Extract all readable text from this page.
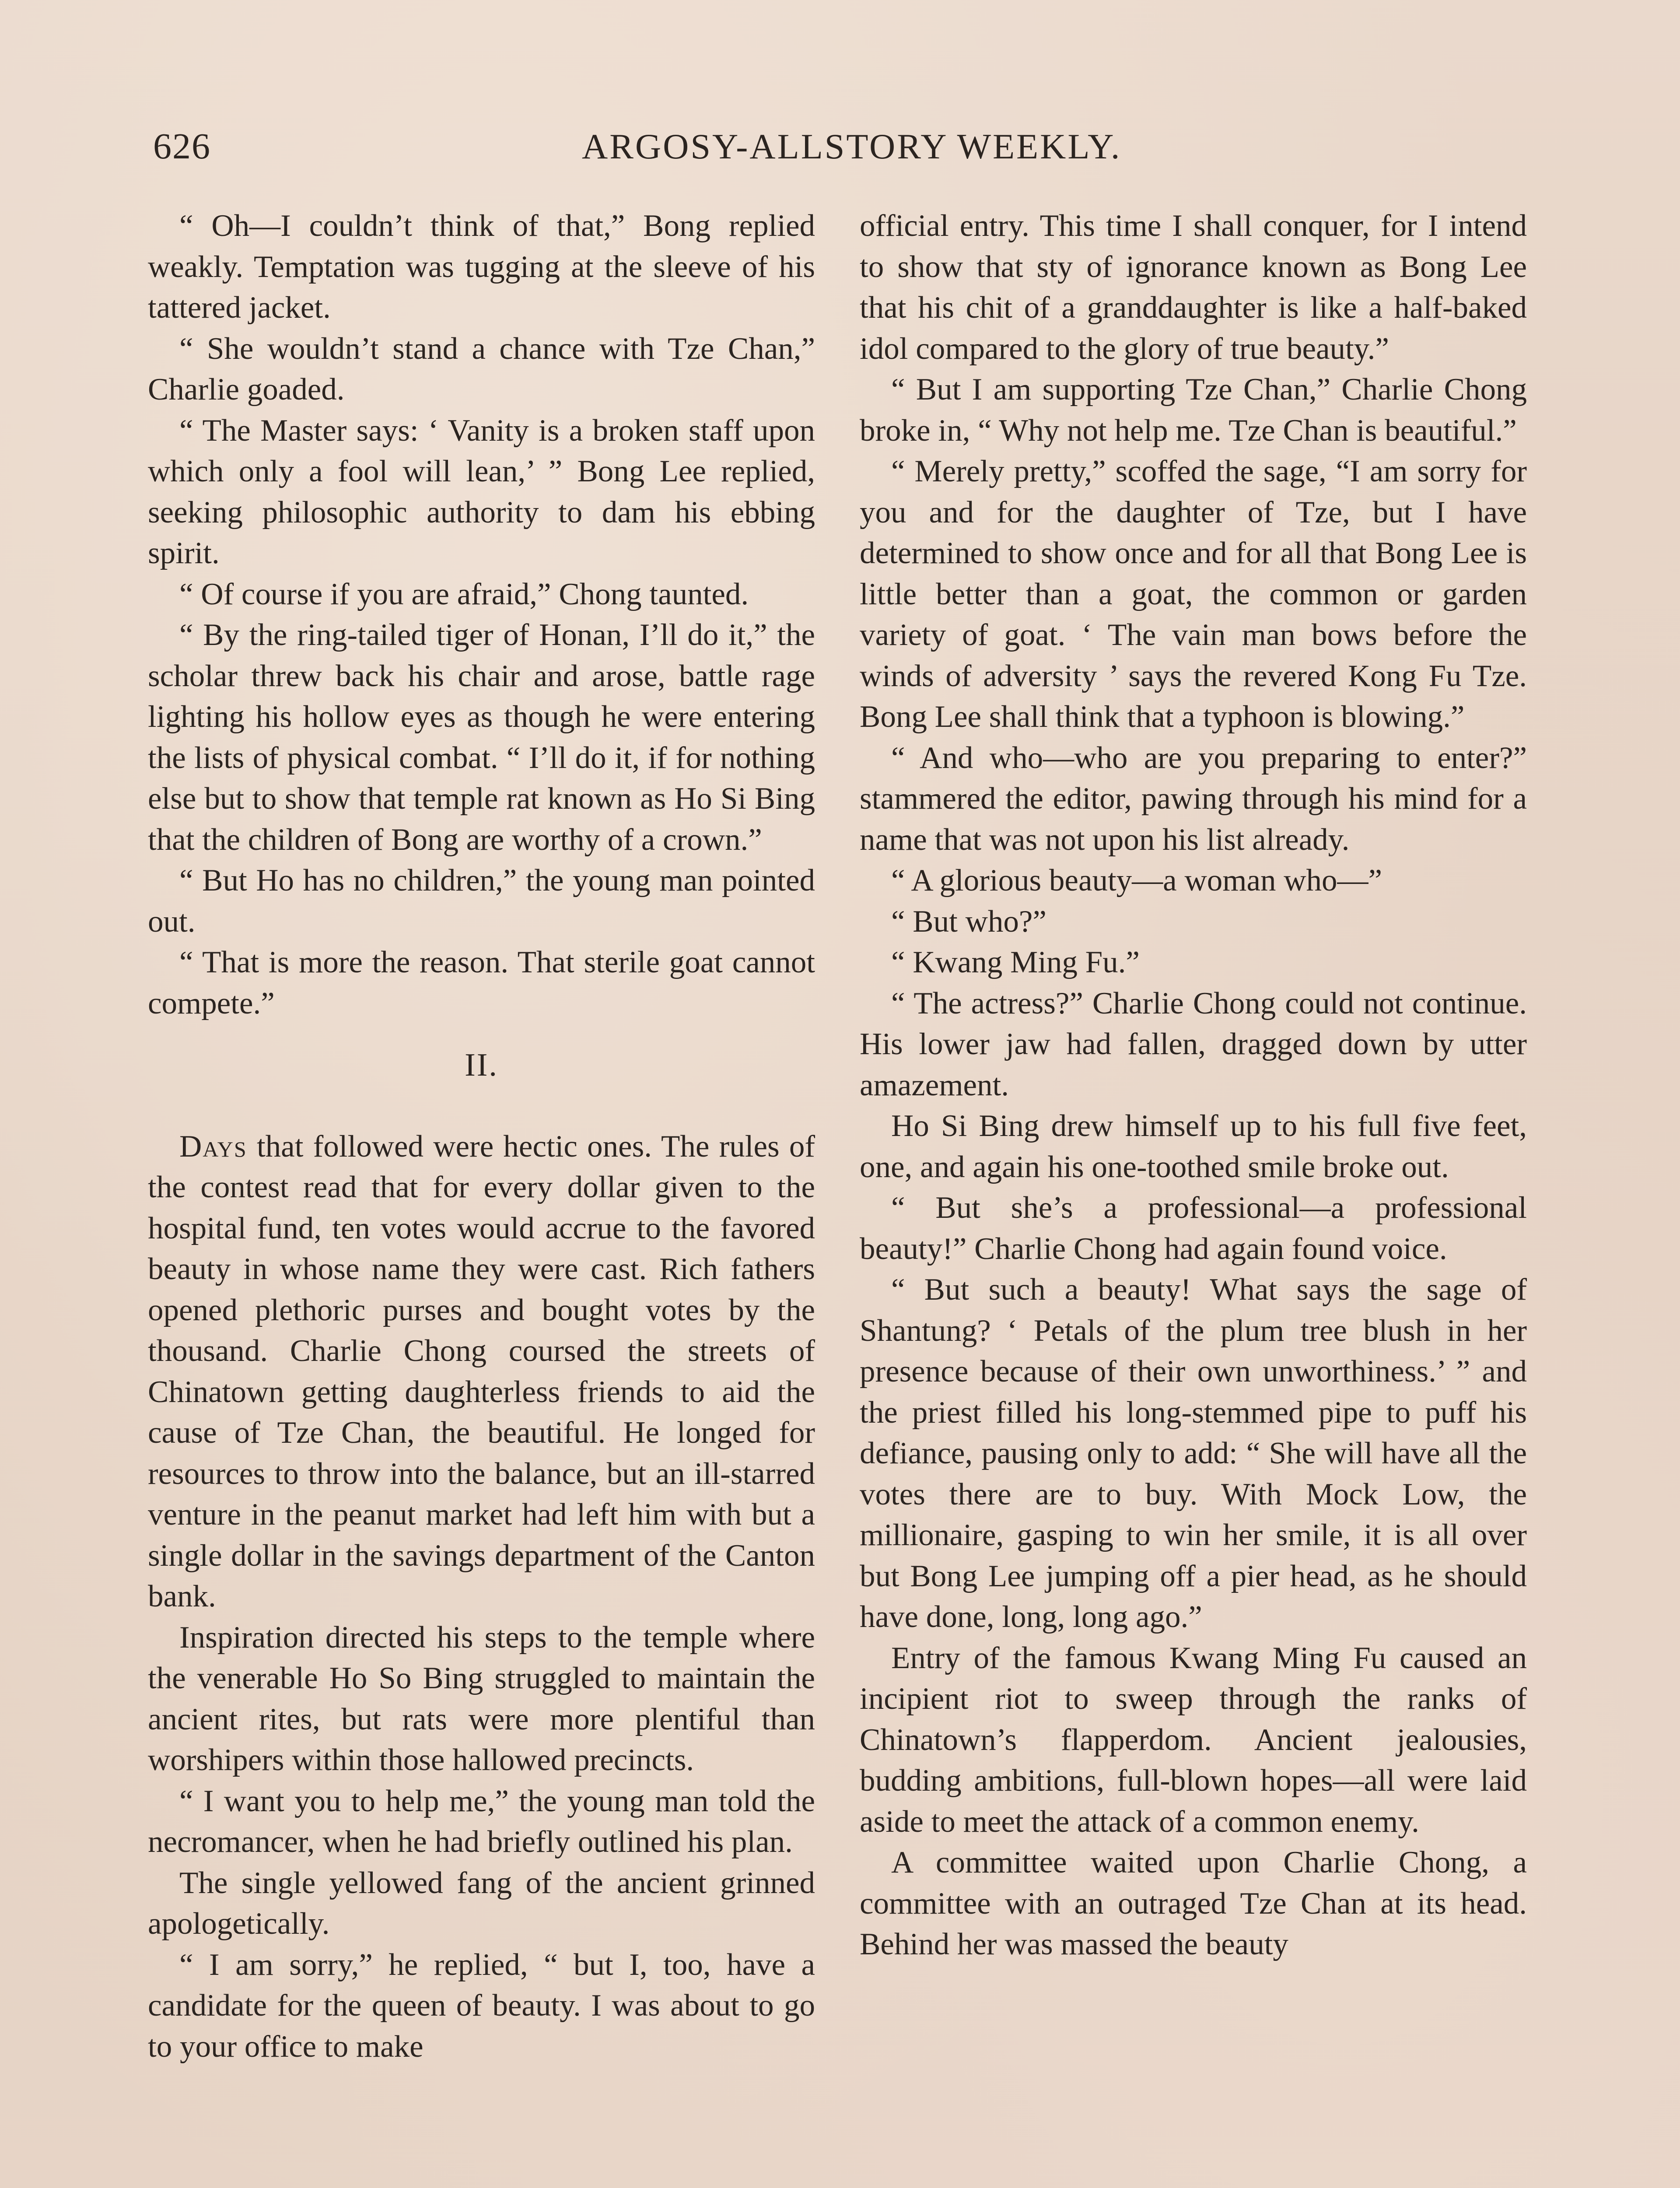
626	ARGOSY-ALLSTORY WEEKLY.

“ Oh—I couldn’t think of that,” Bong replied weakly. Temptation was tugging at the sleeve of his tattered jacket.

“ She wouldn’t stand a chance with Tze Chan,” Charlie goaded.

“ The Master says: ‘ Vanity is a broken staff upon which only a fool will lean,’ ” Bong Lee replied, seeking philosophic authority to dam his ebbing spirit.

“ Of course if you are afraid,” Chong taunted.

“ By the ring-tailed tiger of Honan, I’ll do it,” the scholar threw back his chair and arose, battle rage lighting his hollow eyes as though he were entering the lists of physical combat. “ I’ll do it, if for nothing else but to show that temple rat known as Ho Si Bing that the children of Bong are worthy of a crown.”

“ But Ho has no children,” the young man pointed out.

“ That is more the reason. That sterile goat cannot compete.”

II.

Days that followed were hectic ones. The rules of the contest read that for every dollar given to the hospital fund, ten votes would accrue to the favored beauty in whose name they were cast. Rich fathers opened plethoric purses and bought votes by the thousand. Charlie Chong coursed the streets of Chinatown getting daughterless friends to aid the cause of Tze Chan, the beautiful. He longed for resources to throw into the balance, but an ill-starred venture in the peanut market had left him with but a single dollar in the savings department of the Canton bank.

Inspiration directed his steps to the temple where the venerable Ho So Bing struggled to maintain the ancient rites, but rats were more plentiful than worshipers within those hallowed precincts.

“ I want you to help me,” the young man told the necromancer, when he had briefly outlined his plan.

The single yellowed fang of the ancient grinned apologetically.

“ I am sorry,” he replied, “ but I, too, have a candidate for the queen of beauty. I was about to go to your office to make

official entry. This time I shall conquer, for I intend to show that sty of ignorance known as Bong Lee that his chit of a granddaughter is like a half-baked idol compared to the glory of true beauty.”

“ But I am supporting Tze Chan,” Charlie Chong broke in, “ Why not help me. Tze Chan is beautiful.”

“ Merely pretty,” scoffed the sage, “I am sorry for you and for the daughter of Tze, but I have determined to show once and for all that Bong Lee is little better than a goat, the common or garden variety of goat. ‘ The vain man bows before the winds of adversity ’ says the revered Kong Fu Tze. Bong Lee shall think that a typhoon is blowing.”

“ And who—who are you preparing to enter?” stammered the editor, pawing through his mind for a name that was not upon his list already.

“ A glorious beauty—a woman who—”

“ But who?”

“ Kwang Ming Fu.”

“ The actress?” Charlie Chong could not continue. His lower jaw had fallen, dragged down by utter amazement.

Ho Si Bing drew himself up to his full five feet, one, and again his one-toothed smile broke out.

“ But she’s a professional—a professional beauty!” Charlie Chong had again found voice.

“ But such a beauty! What says the sage of Shantung? ‘ Petals of the plum tree blush in her presence because of their own unworthiness.’ ” and the priest filled his long-stemmed pipe to puff his defiance, pausing only to add: “ She will have all the votes there are to buy. With Mock Low, the millionaire, gasping to win her smile, it is all over but Bong Lee jumping off a pier head, as he should have done, long, long ago.”

Entry of the famous Kwang Ming Fu caused an incipient riot to sweep through the ranks of Chinatown’s flapperdom. Ancient jealousies, budding ambitions, full-blown hopes—all were laid aside to meet the attack of a common enemy.

A committee waited upon Charlie Chong, a committee with an outraged Tze Chan at its head. Behind her was massed the beauty
